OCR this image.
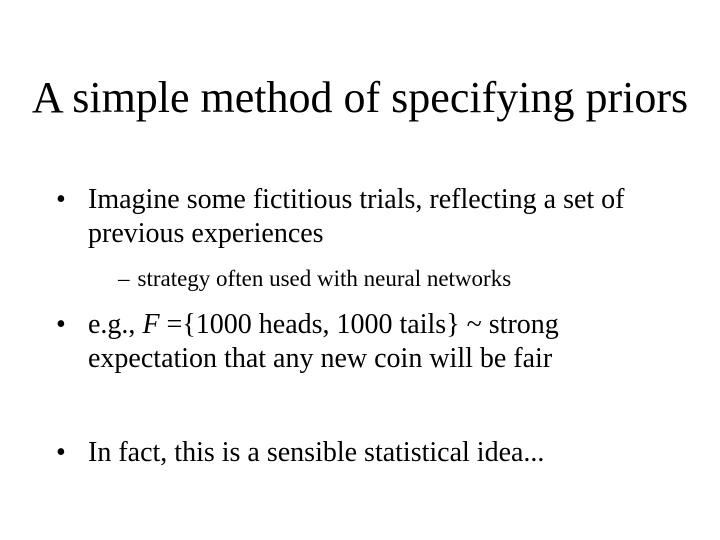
A simple method of specifying priors
• Imagine some fictitious trials, reflecting a set of previous experiences
– strategy often used with neural networks
• e.g., F ={1000 heads, 1000 tails} ~ strong expectation that any new coin will be fair
• In fact, this is a sensible statistical idea...
